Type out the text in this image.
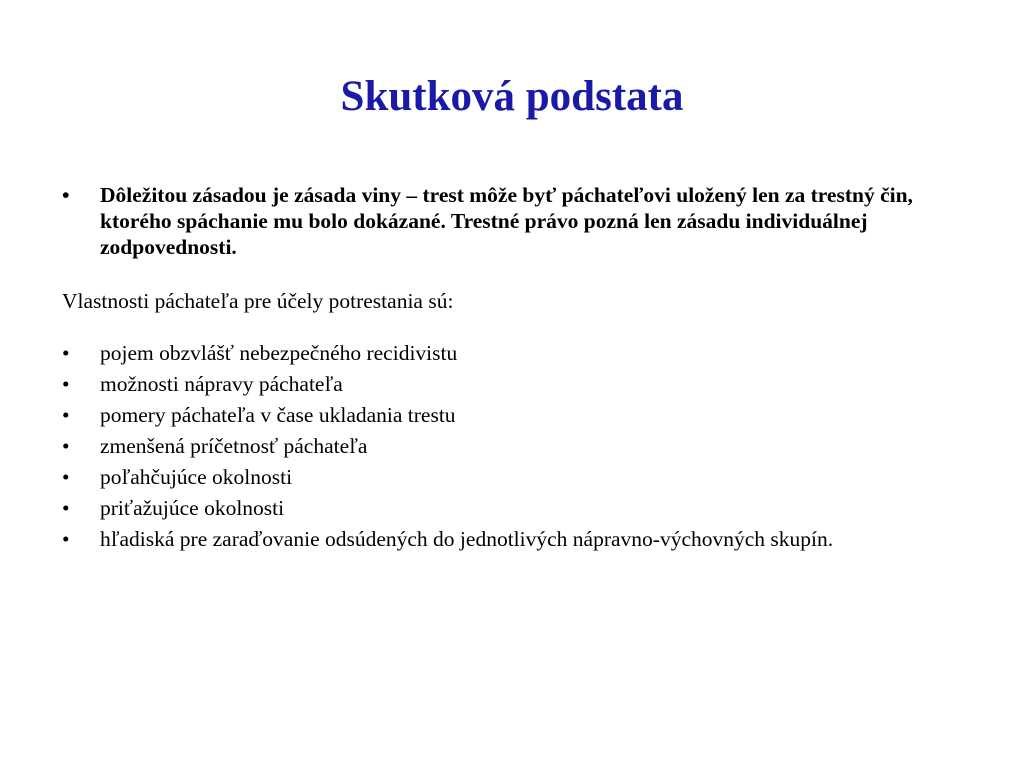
Skutková podstata
•	Dôležitou zásadou je zásada viny – trest môže byť páchateľovi uložený len za trestný čin, ktorého spáchanie mu bolo dokázané. Trestné právo pozná len zásadu individuálnej zodpovednosti.

Vlastnosti páchateľa pre účely potrestania sú:

•	pojem obzvlášť nebezpečného recidivistu
•	možnosti nápravy páchateľa
•	pomery páchateľa v čase ukladania trestu
•	zmenšená príčetnosť páchateľa
•	poľahčujúce okolnosti
•	priťažujúce okolnosti
•	hľadiská pre zaraďovanie odsúdených do jednotlivých nápravno-výchovných skupín.
